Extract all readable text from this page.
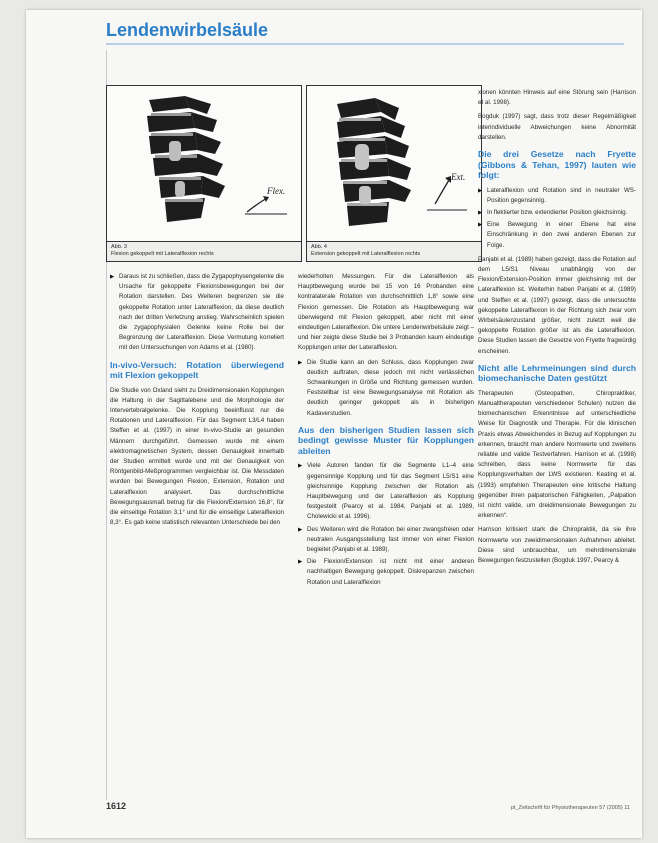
Lendenwirbelsäule
Flex.
Abb. 3
Flexion gekoppelt mit Lateralflexion rechts
Ext.
Abb. 4
Extension gekoppelt mit Lateralflexion rechts
▶ Daraus ist zu schließen, dass die Zygapophysengelenke die Ursache für gekoppelte Flexionsbewegungen bei der Rotation darstellen. Des Weiteren begrenzen sie die gekoppelte Rotation unter Lateralflexion, da diese deutlich nach der dritten Verletzung anstieg. Wahrscheinlich spielen die zygapophysialen Gelenke keine Rolle bei der Begrenzung der Lateralflexion. Diese Vermutung korreliert mit den Untersuchungen von Adams et al. (1980).
In-vivo-Versuch: Rotation überwiegend mit Flexion gekoppelt

Die Studie von Oxland sieht zu Dreidimensionalen Kopplungen die Haltung in der Sagittalebene und die Morphologie der Intervertebralgelenke. Die Kopplung beeinflusst nur die Rotationen und Lateralflexion. Für das Segment L3/L4 haben Steffen et al. (1997) in einer In-vivo-Studie an gesunden Männern durchgeführt. Gemessen wurde mit einem elektromagnetischen System, dessen Genauigkeit innerhalb der Studien ermittelt wurde und mit der Genauigkeit von Röntgenbild-Meßprogrammen vergleichbar ist. Die Messdaten wurden bei Bewegungen Flexion, Extension, Rotation und Lateralflexion analysiert. Das durchschnittliche Bewegungsausmaß betrug für die Flexion/Extension 16,8°, für die einseitige Rotation 3,1° und für die einseitige Lateralflexion 8,3°. Es gab keine statistisch relevanten Unterschiede bei den

wiederholten Messungen. Für die Lateralflexion als Hauptbewegung wurde bei 15 von 16 Probanden eine kontralaterale Rotation von durchschnittlich 1,8° sowie eine Flexion gemessen. Die Rotation als Hauptbewegung war überwiegend mit Flexion gekoppelt, aber nicht mit einer eindeutigen Lateralflexion. Die untere Lendenwirbelsäule zeigt – und hier zeigte diese Studie bei 3 Probanden kaum eindeutige Kopplungen unter der Lateralflexion.

▶ Die Studie kann an den Schluss, dass Kopplungen zwar deutlich auftraten, diese jedoch mit nicht verlässlichen Schwankungen in Größe und Richtung gemessen wurden. Feststellbar ist eine Bewegungsanalyse mit Rotation als deutlich geringer gekoppelt als in bisherigen Kadaverstudien.
Aus den bisherigen Studien lassen sich bedingt gewisse Muster für Kopplungen ableiten
▶ Viele Autoren fanden für die Segmente L1–4 eine gegensinnige Kopplung und für das Segment L5/S1 eine gleichsinnige Kopplung zwischen der Rotation als Hauptbewegung und der Lateralflexion als Kopplung festgestellt (Pearcy et al. 1984, Panjabi et al. 1989, Cholewicki et al. 1996).
▶ Des Weiteren wird die Rotation bei einer zwangsfreien oder neutralen Ausgangsstellung fast immer von einer Flexion begleitet (Panjabi et al. 1989).
▶ Die Flexion/Extension ist nicht mit einer anderen nachhaltigen Bewegung gekoppelt. Diskrepanzen zwischen Rotation und Lateralflexion

xionen könnten Hinweis auf eine Störung sein (Harrison et al. 1998).

Bogduk (1997) sagt, dass trotz dieser Regelmäßigkeit interindividuelle Abweichungen keine Abnormität darstellen.

Die drei Gesetze nach Fryette (Gibbons & Tehan, 1997) lauten wie folgt:
▶ Lateralflexion und Rotation sind in neutraler WS-Position gegensinnig.
▶ In flektierter bzw. extendierter Position gleichsinnig.
▶ Eine Bewegung in einer Ebene hat eine Einschränkung in den zwei anderen Ebenen zur Folge.

Panjabi et al. (1989) haben gezeigt, dass die Rotation auf dem L5/S1 Niveau unabhängig von der Flexion/Extension-Position immer gleichsinnig mit der Lateralflexion ist. Weiterhin haben Panjabi et al. (1989) und Steffen et al. (1997) gezeigt, dass die untersuchte gekoppelte Lateralflexion in der Richtung sich zwar vom Wirbelsäulenzustand größer, nicht zuletzt weil die gekoppelte Rotation größer ist als die Lateralflexion. Diese Studien lassen die Gesetze von Fryette fragwürdig erscheinen.

Nicht alle Lehrmeinungen sind durch biomechanische Daten gestützt

Therapeuten (Osteopathen, Chiropraktiker, Manualtherapeuten verschiedener Schulen) nutzen die biomechanischen Erkenntnisse auf unterschiedliche Weise für Diagnostik und Therapie. Für die klinischen Praxis etwas Abweichendes in Bezug auf Kopplungen zu erkennen, braucht man andere Normwerte und zweitens reliable und valide Testverfahren. Harrison et al. (1998) schreiben, dass keine Normwerte für das Kopplungsverhalten der LWS existieren. Keating et al. (1993) empfehlen Therapeuten eine kritische Haltung gegenüber ihren palpatorischen Fähigkeiten, „Palpation ist nicht valide, um dreidimensionale Bewegungen zu erkennen“.

Harrison kritisiert stark die Chiropraktik, da sie ihre Normwerte von zweidimensionalen Aufnahmen ableitet. Diese sind unbrauchbar, um mehrdimensionale Bewegungen festzustellen (Bogduk 1997, Pearcy &

1612	pt_Zeitschrift für Physiotherapeuten 57 (2005) 11
